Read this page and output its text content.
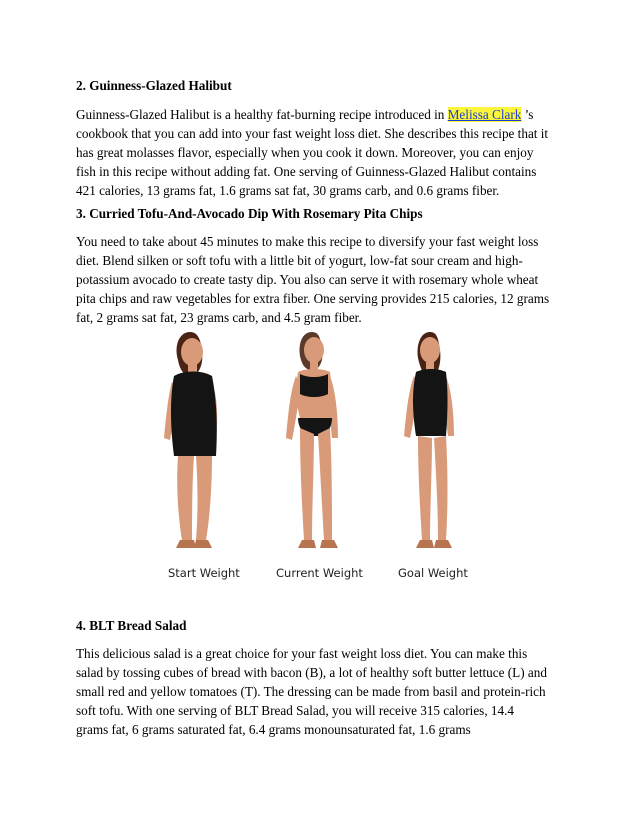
2. Guinness-Glazed Halibut
Guinness-Glazed Halibut is a healthy fat-burning recipe introduced in Melissa Clark ’s
cookbook that you can add into your fast weight loss diet. She describes this recipe that it
has great molasses flavor, especially when you cook it down. Moreover, you can enjoy
fish in this recipe without adding fat. One serving of Guinness-Glazed Halibut contains
421 calories, 13 grams fat, 1.6 grams sat fat, 30 grams carb, and 0.6 grams fiber.
3. Curried Tofu-And-Avocado Dip With Rosemary Pita Chips
You need to take about 45 minutes to make this recipe to diversify your fast weight loss
diet. Blend silken or soft tofu with a little bit of yogurt, low-fat sour cream and high-
potassium avocado to create tasty dip. You also can serve it with rosemary whole wheat
pita chips and raw vegetables for extra fiber. One serving provides 215 calories, 12 grams
fat, 2 grams sat fat, 23 grams carb, and 4.5 gram fiber.
Start Weight	Current Weight	Goal Weight
4. BLT Bread Salad
This delicious salad is a great choice for your fast weight loss diet. You can make this
salad by tossing cubes of bread with bacon (B), a lot of healthy soft butter lettuce (L) and
small red and yellow tomatoes (T). The dressing can be made from basil and protein-rich
soft tofu. With one serving of BLT Bread Salad, you will receive 315 calories, 14.4
grams fat, 6 grams saturated fat, 6.4 grams monounsaturated fat, 1.6 grams
